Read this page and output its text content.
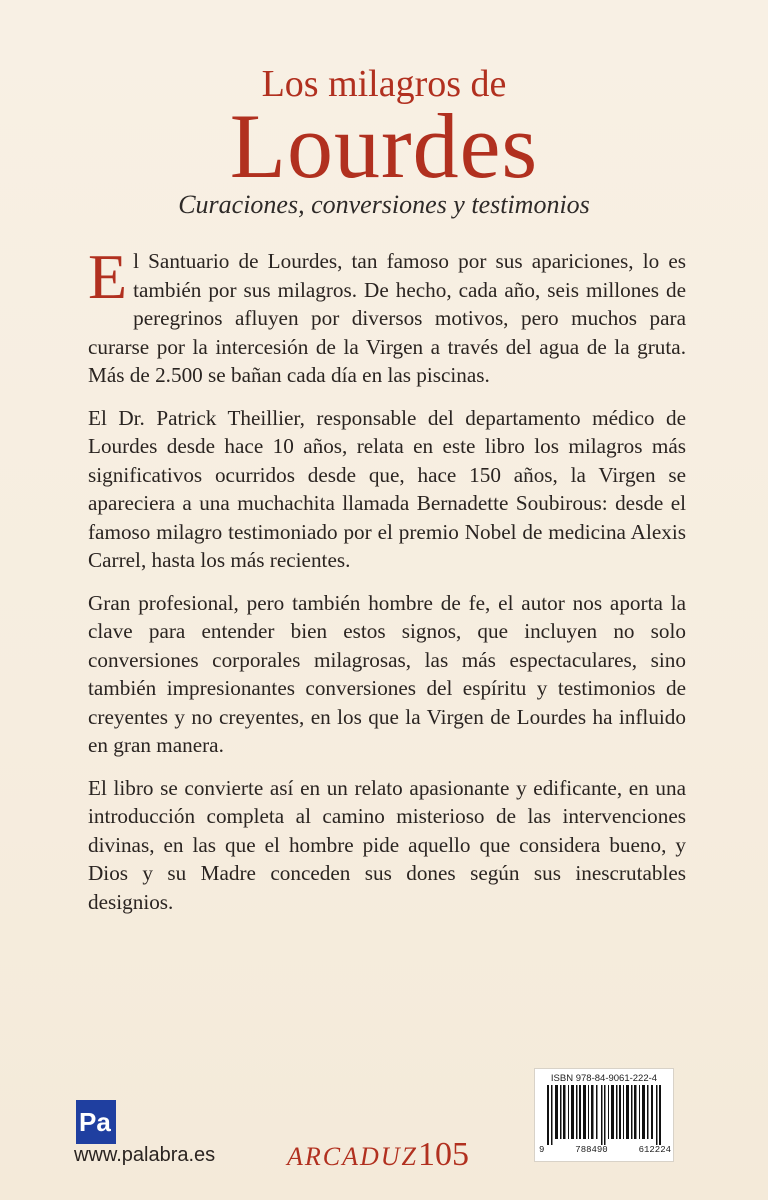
Los milagros de
Lourdes
Curaciones, conversiones y testimonios

El Santuario de Lourdes, tan famoso por sus apariciones, lo es también por sus milagros. De hecho, cada año, seis millones de peregrinos afluyen por diversos motivos, pero muchos para curarse por la intercesión de la Virgen a través del agua de la gruta. Más de 2.500 se bañan cada día en las piscinas.

El Dr. Patrick Theillier, responsable del departamento médico de Lourdes desde hace 10 años, relata en este libro los milagros más significativos ocurridos desde que, hace 150 años, la Virgen se apareciera a una muchachita llamada Bernadette Soubirous: desde el famoso milagro testimoniado por el premio Nobel de medicina Alexis Carrel, hasta los más recientes.

Gran profesional, pero también hombre de fe, el autor nos aporta la clave para entender bien estos signos, que incluyen no solo conversiones corporales milagrosas, las más espectaculares, sino también impresionantes conversiones del espíritu y testimonios de creyentes y no creyentes, en los que la Virgen de Lourdes ha influido en gran manera.

El libro se convierte así en un relato apasionante y edificante, en una introducción completa al camino misterioso de las intervenciones divinas, en las que el hombre pide aquello que considera bueno, y Dios y su Madre conceden sus dones según sus inescrutables designios.

ISBN 978-84-9061-222-4
9	788490	612224
Pa
www.palabra.es	ARCADUZ105
